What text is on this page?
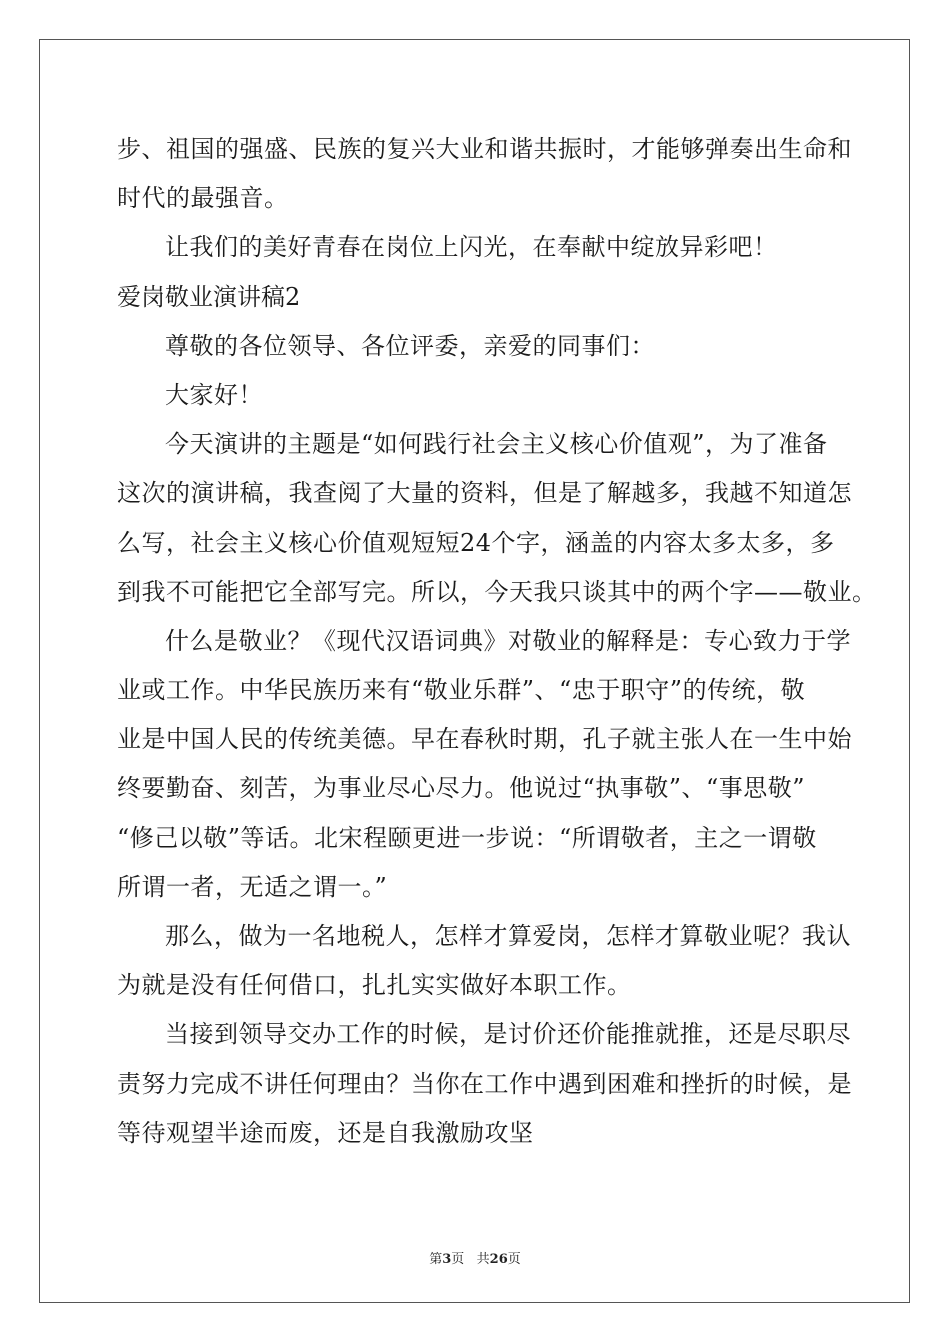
步、祖国的强盛、民族的复兴大业和谐共振时，才能够弹奏出生命和
时代的最强音。
让我们的美好青春在岗位上闪光，在奉献中绽放异彩吧！
爱岗敬业演讲稿2
尊敬的各位领导、各位评委，亲爱的同事们：
大家好！
今天演讲的主题是“如何践行社会主义核心价值观”，为了准备
这次的演讲稿，我查阅了大量的资料，但是了解越多，我越不知道怎
么写，社会主义核心价值观短短24个字，涵盖的内容太多太多，多
到我不可能把它全部写完。所以，今天我只谈其中的两个字——敬业。
什么是敬业？《现代汉语词典》对敬业的解释是：专心致力于学
业或工作。中华民族历来有“敬业乐群”、“忠于职守”的传统，敬
业是中国人民的传统美德。早在春秋时期，孔子就主张人在一生中始
终要勤奋、刻苦，为事业尽心尽力。他说过“执事敬”、“事思敬”
“修己以敬”等话。北宋程颐更进一步说：“所谓敬者，主之一谓敬
所谓一者，无适之谓一。”
那么，做为一名地税人，怎样才算爱岗，怎样才算敬业呢？我认
为就是没有任何借口，扎扎实实做好本职工作。
当接到领导交办工作的时候，是讨价还价能推就推，还是尽职尽
责努力完成不讲任何理由？当你在工作中遇到困难和挫折的时候，是
等待观望半途而废，还是自我激励攻坚
第3页   共26页
